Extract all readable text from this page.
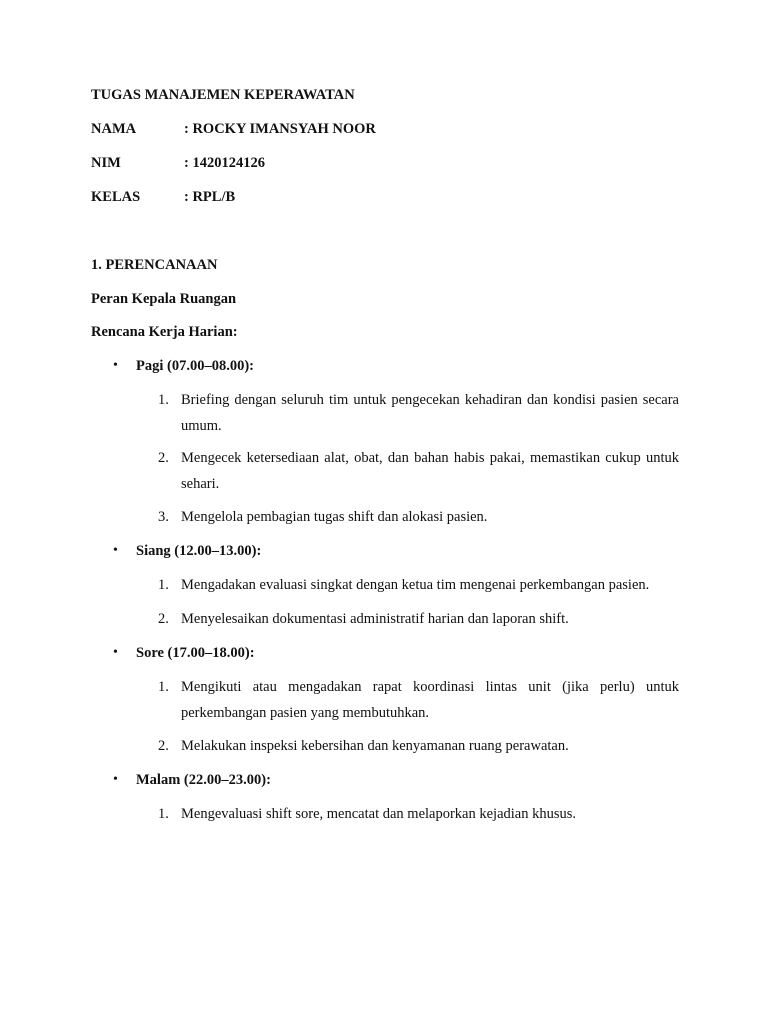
TUGAS MANAJEMEN KEPERAWATAN
NAMA	: ROCKY IMANSYAH NOOR
NIM	: 1420124126
KELAS	: RPL/B
1. PERENCANAAN
Peran Kepala Ruangan
Rencana Kerja Harian:
• Pagi (07.00–08.00):
1. Briefing dengan seluruh tim untuk pengecekan kehadiran dan kondisi pasien secara umum.
2. Mengecek ketersediaan alat, obat, dan bahan habis pakai, memastikan cukup untuk sehari.
3. Mengelola pembagian tugas shift dan alokasi pasien.
• Siang (12.00–13.00):
1. Mengadakan evaluasi singkat dengan ketua tim mengenai perkembangan pasien.
2. Menyelesaikan dokumentasi administratif harian dan laporan shift.
• Sore (17.00–18.00):
1. Mengikuti atau mengadakan rapat koordinasi lintas unit (jika perlu) untuk perkembangan pasien yang membutuhkan.
2. Melakukan inspeksi kebersihan dan kenyamanan ruang perawatan.
• Malam (22.00–23.00):
1. Mengevaluasi shift sore, mencatat dan melaporkan kejadian khusus.
